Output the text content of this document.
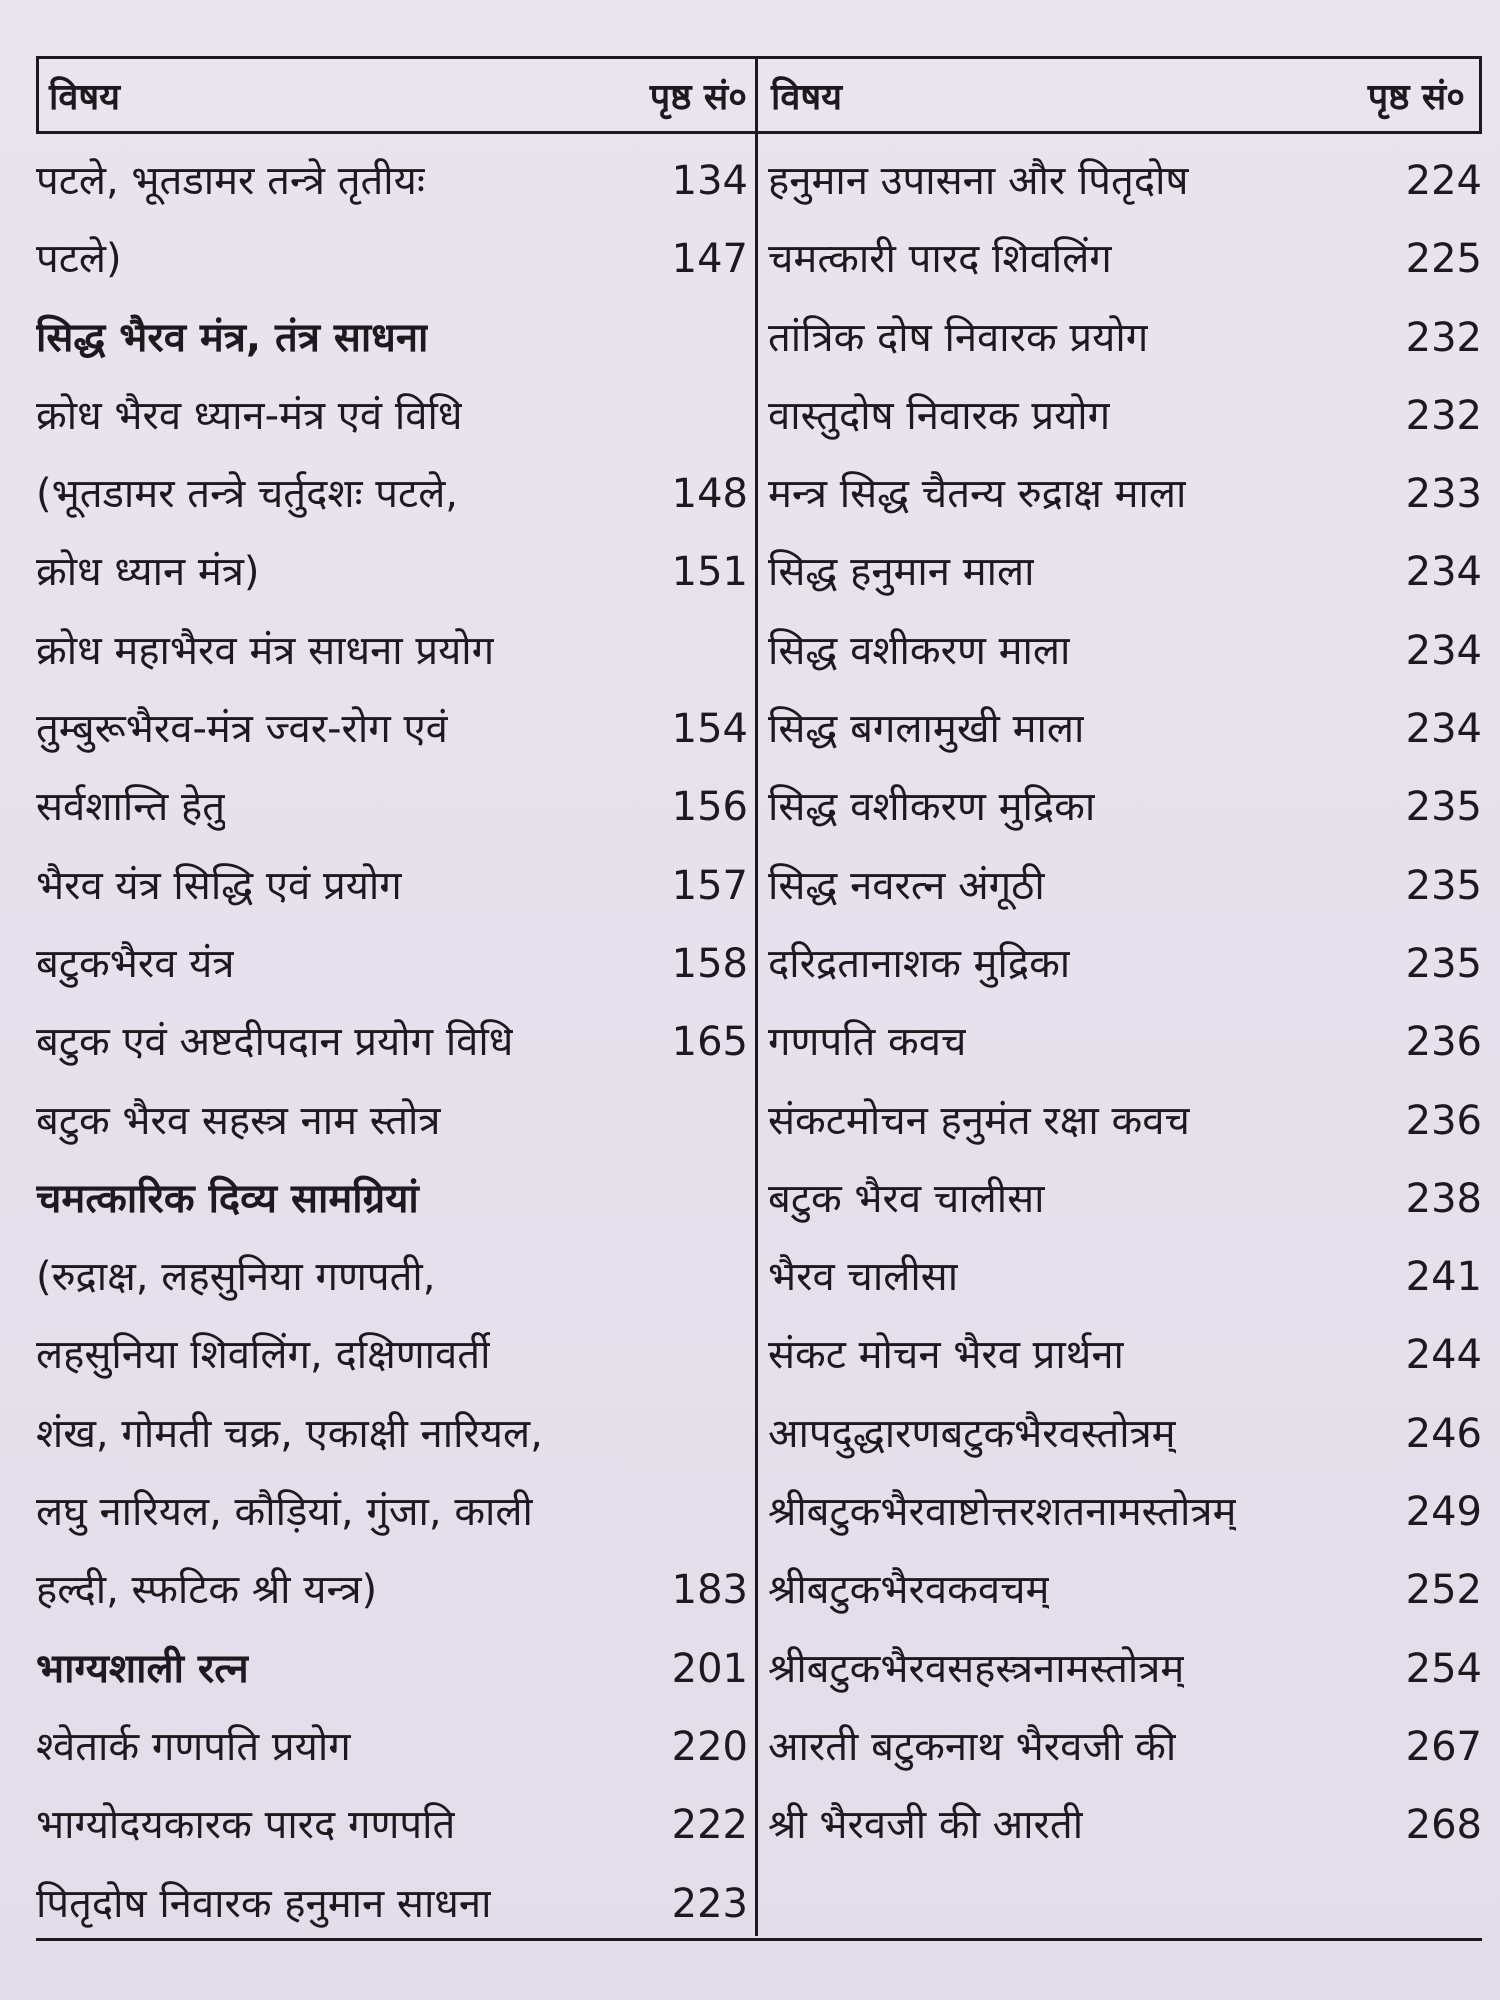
विषय	पृष्ठ सं० विषय	पृष्ठ सं०
पटले, भूतडामर तन्त्रे तृतीयः	134
पटले)	147
सिद्ध भैरव मंत्र, तंत्र साधना
क्रोध भैरव ध्यान-मंत्र एवं विधि
(भूतडामर तन्त्रे चर्तुदशः पटले,	148
क्रोध ध्यान मंत्र)	151
क्रोध महाभैरव मंत्र साधना प्रयोग
तुम्बुरूभैरव-मंत्र ज्वर-रोग एवं	154
सर्वशान्ति हेतु	156
भैरव यंत्र सिद्धि एवं प्रयोग	157
बटुकभैरव यंत्र	158
बटुक एवं अष्टदीपदान प्रयोग विधि	165
बटुक भैरव सहस्त्र नाम स्तोत्र
चमत्कारिक दिव्य सामग्रियां
(रुद्राक्ष, लहसुनिया गणपती,
लहसुनिया शिवलिंग, दक्षिणावर्ती
शंख, गोमती चक्र, एकाक्षी नारियल,
लघु नारियल, कौड़ियां, गुंजा, काली
हल्दी, स्फटिक श्री यन्त्र)	183
भाग्यशाली रत्न	201
श्वेतार्क गणपति प्रयोग	220
भाग्योदयकारक पारद गणपति	222
पितृदोष निवारक हनुमान साधना	223
हनुमान उपासना और पितृदोष	224
चमत्कारी पारद शिवलिंग	225
तांत्रिक दोष निवारक प्रयोग	232
वास्तुदोष निवारक प्रयोग	232
मन्त्र सिद्ध चैतन्य रुद्राक्ष माला	233
सिद्ध हनुमान माला	234
सिद्ध वशीकरण माला	234
सिद्ध बगलामुखी माला	234
सिद्ध वशीकरण मुद्रिका	235
सिद्ध नवरत्न अंगूठी	235
दरिद्रतानाशक मुद्रिका	235
गणपति कवच	236
संकटमोचन हनुमंत रक्षा कवच	236
बटुक भैरव चालीसा	238
भैरव चालीसा	241
संकट मोचन भैरव प्रार्थना	244
आपदुद्धारणबटुकभैरवस्तोत्रम्	246
श्रीबटुकभैरवाष्टोत्तरशतनामस्तोत्रम्	249
श्रीबटुकभैरवकवचम्	252
श्रीबटुकभैरवसहस्त्रनामस्तोत्रम्	254
आरती बटुकनाथ भैरवजी की	267
श्री भैरवजी की आरती	268
